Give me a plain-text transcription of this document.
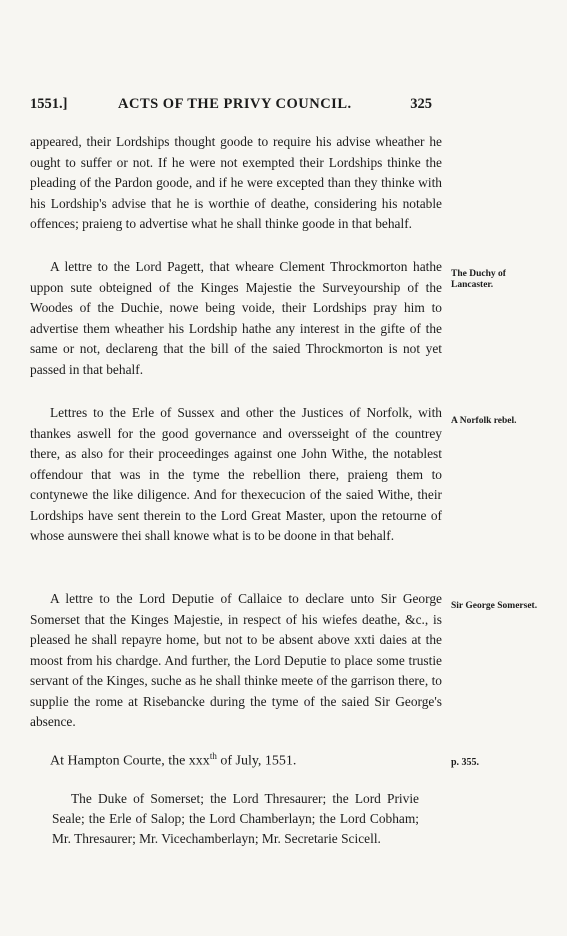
1551.]	ACTS OF THE PRIVY COUNCIL.	325

appeared, their Lordships thought goode to require his advise wheather he ought to suffer or not. If he were not exempted their Lordships thinke the pleading of the Pardon goode, and if he were excepted than they thinke with his Lordship's advise that he is worthie of deathe, considering his notable offences; praieng to advertise what he shall thinke goode in that behalf.

A lettre to the Lord Pagett, that wheare Clement Throckmorton hathe uppon sute obteigned of the Kinges Majestie the Surveyourship of the Woodes of the Duchie, nowe being voide, their Lordships pray him to advertise them wheather his Lordship hathe any interest in the gifte of the same or not, declareng that the bill of the saied Throckmorton is not yet passed in that behalf.

The Duchy of Lancaster.

Lettres to the Erle of Sussex and other the Justices of Norfolk, with thankes aswell for the good governance and oversseight of the countrey there, as also for their proceedinges against one John Withe, the notablest offendour that was in the tyme the rebellion there, praieng them to contynewe the like diligence. And for thexecucion of the saied Withe, their Lordships have sent therein to the Lord Great Master, upon the retourne of whose aunswere thei shall knowe what is to be doone in that behalf.

A Norfolk rebel.

A lettre to the Lord Deputie of Callaice to declare unto Sir George Somerset that the Kinges Majestie, in respect of his wiefes deathe, &c., is pleased he shall repayre home, but not to be absent above xxti daies at the moost from his chardge. And further, the Lord Deputie to place some trustie servant of the Kinges, suche as he shall thinke meete of the garrison there, to supplie the rome at Risebancke during the tyme of the saied Sir George's absence.

Sir George Somerset.
At Hampton Courte, the xxx$^{th}$ of July, 1551.	p. 355.
The Duke of Somerset; the Lord Thresaurer; the Lord Privie Seale; the Erle of Salop; the Lord Chamberlayn; the Lord Cobham; Mr. Thresaurer; Mr. Vicechamberlayn; Mr. Secretarie Scicell.
